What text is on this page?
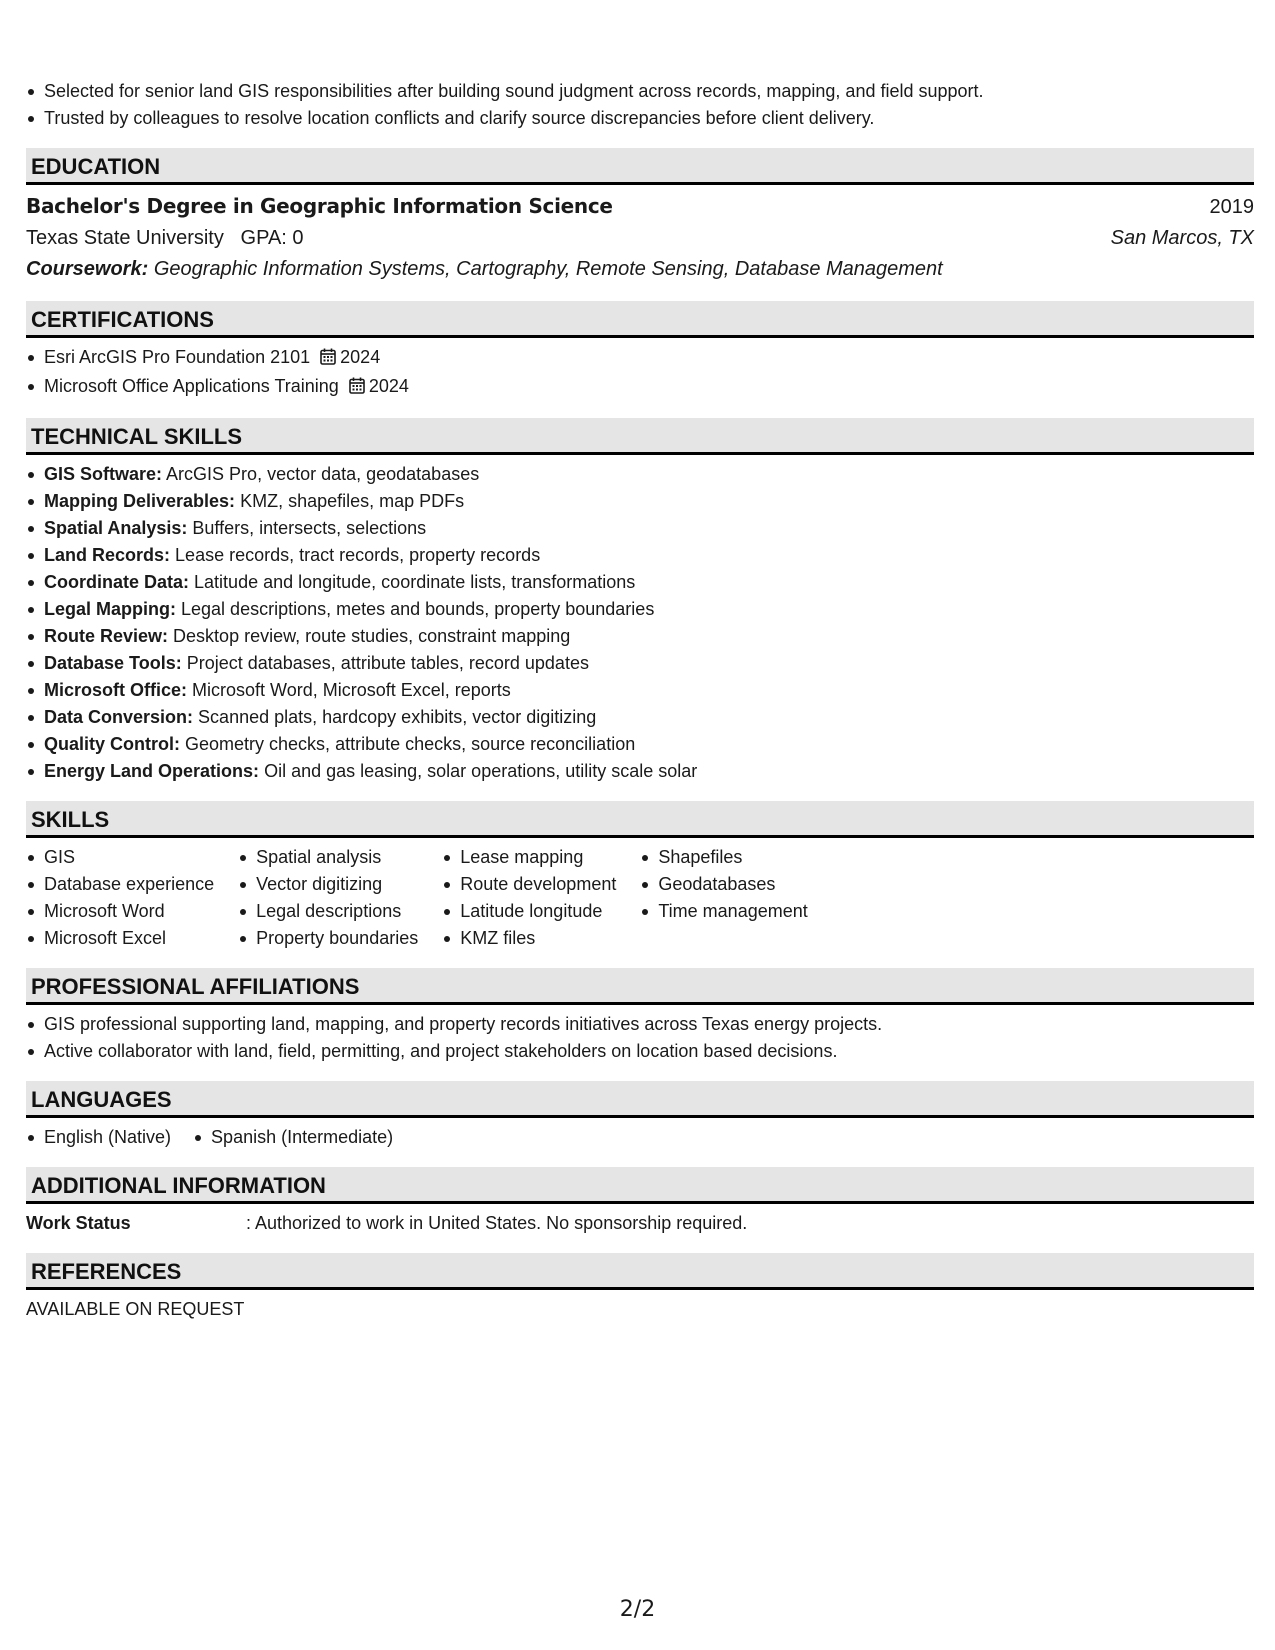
Selected for senior land GIS responsibilities after building sound judgment across records, mapping, and field support.
Trusted by colleagues to resolve location conflicts and clarify source discrepancies before client delivery.
EDUCATION
Bachelor's Degree in Geographic Information Science	2019
Texas State University GPA: 0	San Marcos, TX
Coursework: Geographic Information Systems, Cartography, Remote Sensing, Database Management
CERTIFICATIONS
Esri ArcGIS Pro Foundation 2101 2024
Microsoft Office Applications Training 2024
TECHNICAL SKILLS
GIS Software: ArcGIS Pro, vector data, geodatabases
Mapping Deliverables: KMZ, shapefiles, map PDFs
Spatial Analysis: Buffers, intersects, selections
Land Records: Lease records, tract records, property records
Coordinate Data: Latitude and longitude, coordinate lists, transformations
Legal Mapping: Legal descriptions, metes and bounds, property boundaries
Route Review: Desktop review, route studies, constraint mapping
Database Tools: Project databases, attribute tables, record updates
Microsoft Office: Microsoft Word, Microsoft Excel, reports
Data Conversion: Scanned plats, hardcopy exhibits, vector digitizing
Quality Control: Geometry checks, attribute checks, source reconciliation
Energy Land Operations: Oil and gas leasing, solar operations, utility scale solar
SKILLS
GIS
Database experience
Microsoft Word
Microsoft Excel
Spatial analysis
Vector digitizing
Legal descriptions
Property boundaries
Lease mapping
Route development
Latitude longitude
KMZ files
Shapefiles
Geodatabases
Time management
PROFESSIONAL AFFILIATIONS
GIS professional supporting land, mapping, and property records initiatives across Texas energy projects.
Active collaborator with land, field, permitting, and project stakeholders on location based decisions.
LANGUAGES
English (Native) Spanish (Intermediate)
ADDITIONAL INFORMATION
Work Status	: Authorized to work in United States. No sponsorship required.
REFERENCES
AVAILABLE ON REQUEST
2/2
